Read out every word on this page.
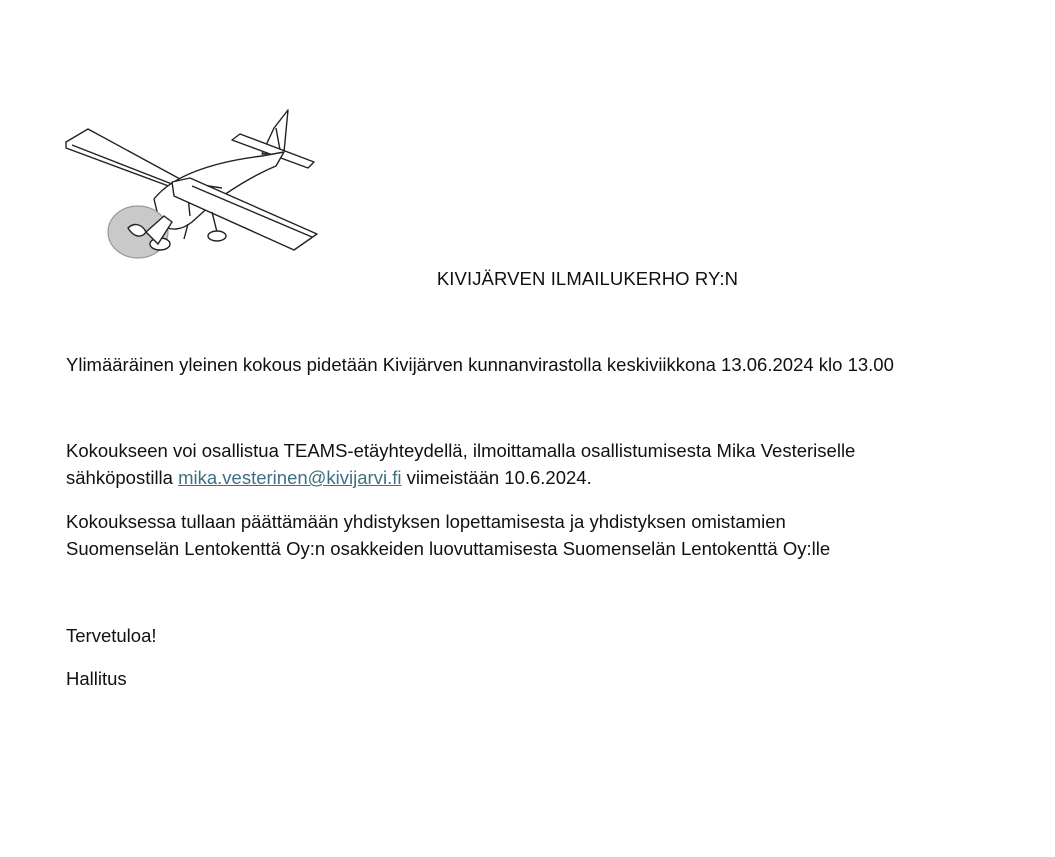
KIVIJÄRVEN ILMAILUKERHO RY:N

Ylimääräinen yleinen kokous pidetään Kivijärven kunnanvirastolla keskiviikkona 13.06.2024 klo 13.00

Kokoukseen voi osallistua TEAMS-etäyhteydellä, ilmoittamalla osallistumisesta Mika Vesteriselle
sähköpostilla mika.vesterinen@kivijarvi.fi viimeistään 10.6.2024.

Kokouksessa tullaan päättämään yhdistyksen lopettamisesta ja yhdistyksen omistamien
Suomenselän Lentokenttä Oy:n osakkeiden luovuttamisesta Suomenselän Lentokenttä Oy:lle

Tervetuloa!

Hallitus
